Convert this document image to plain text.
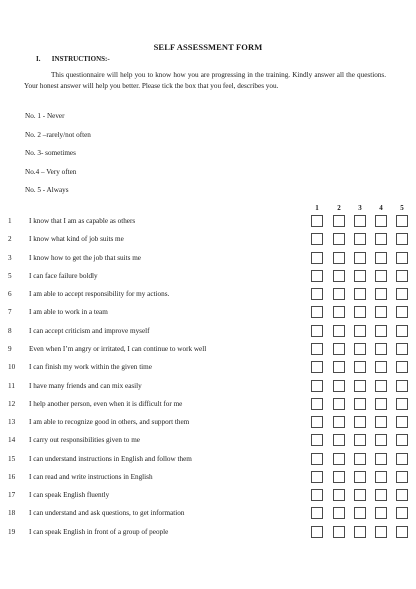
SELF ASSESSMENT FORM
I. INSTRUCTIONS:-
This questionnaire will help you to know how you are progressing in the training. Kindly answer all the questions. Your honest answer will help you better. Please tick the box that you feel, describes you.
No. 1 - Never
No. 2 –rarely/not often
No. 3- sometimes
No.4 – Very often
No. 5 - Always
1	2	3	4	5
1	I know that I am as capable as others
2	I know what kind of job suits me
3	I know how to get the job that suits me
5	I can face failure boldly
6	I am able to accept responsibility for my actions.
7	I am able to work in a team
8	I can accept criticism and improve myself
9	Even when I’m angry or irritated, I can continue to work well
10	I can finish my work within the given time
11	I have many friends and can mix easily
12	I help another person, even when it is difficult for me
13	I am able to recognize good in others, and support them
14	I carry out responsibilities given to me
15	I can understand instructions in English and follow them
16	I can read and write instructions in English
17	I can speak English fluently
18	I can understand and ask questions, to get information
19	I can speak English in front of a group of people
